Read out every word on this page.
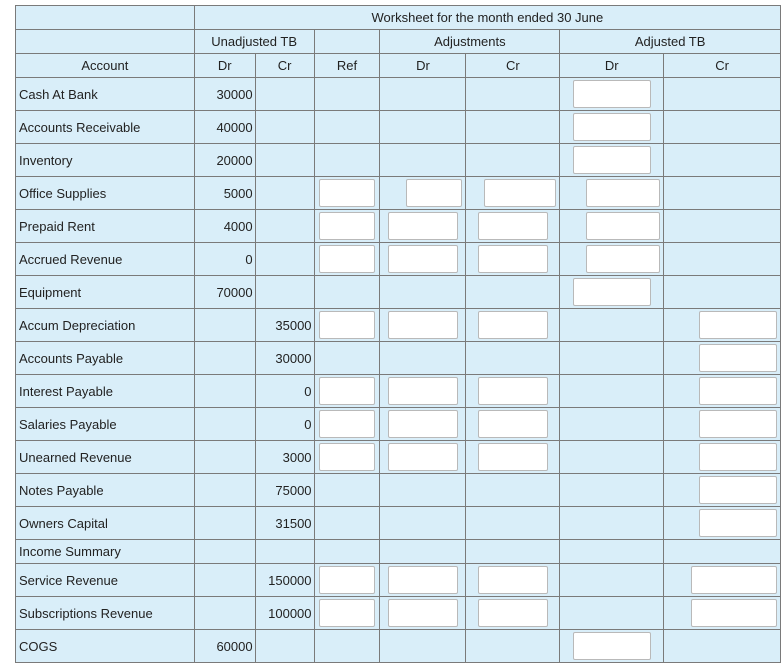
	Worksheet for the month ended 30 June						
	Unadjusted TB			Adjustments		Adjusted TB	
Account	Dr	Cr	Ref	Dr	Cr	Dr	Cr
Cash At Bank	30000						
Accounts Receivable	40000						
Inventory	20000						
Office Supplies	5000						
Prepaid Rent	4000						
Accrued Revenue	0						
Equipment	70000						
Accum Depreciation		35000					
Accounts Payable		30000					
Interest Payable		0					
Salaries Payable		0					
Unearned Revenue		3000					
Notes Payable		75000					
Owners Capital		31500					
Income Summary							
Service Revenue		150000					
Subscriptions Revenue		100000					
COGS	60000						
